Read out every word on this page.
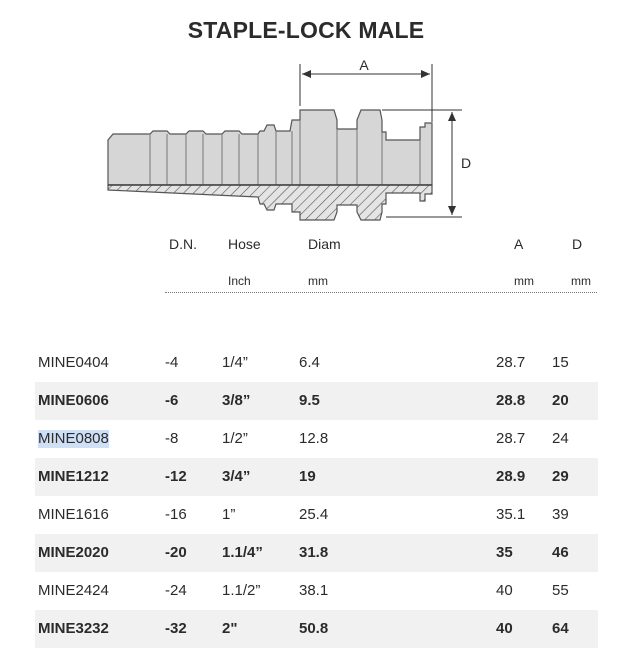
STAPLE-LOCK MALE
A
D
D.N. Hose	Diam	A	D
Inch	mm	mm	mm
MINE0404	-4	1/4”	6.4	28.7 15
MINE0606	-6	3/8”	9.5	28.8 20
MINE0808	-8	1/2”	12.8	28.7 24
MINE1212	-12 3/4”	19	28.9 29
MINE1616	-16 1”	25.4	35.1 39
MINE2020	-20 1.1/4” 31.8	35	46
MINE2424	-24 1.1/2”	38.1	40	55
MINE3232	-32 2"	50.8	40	64
